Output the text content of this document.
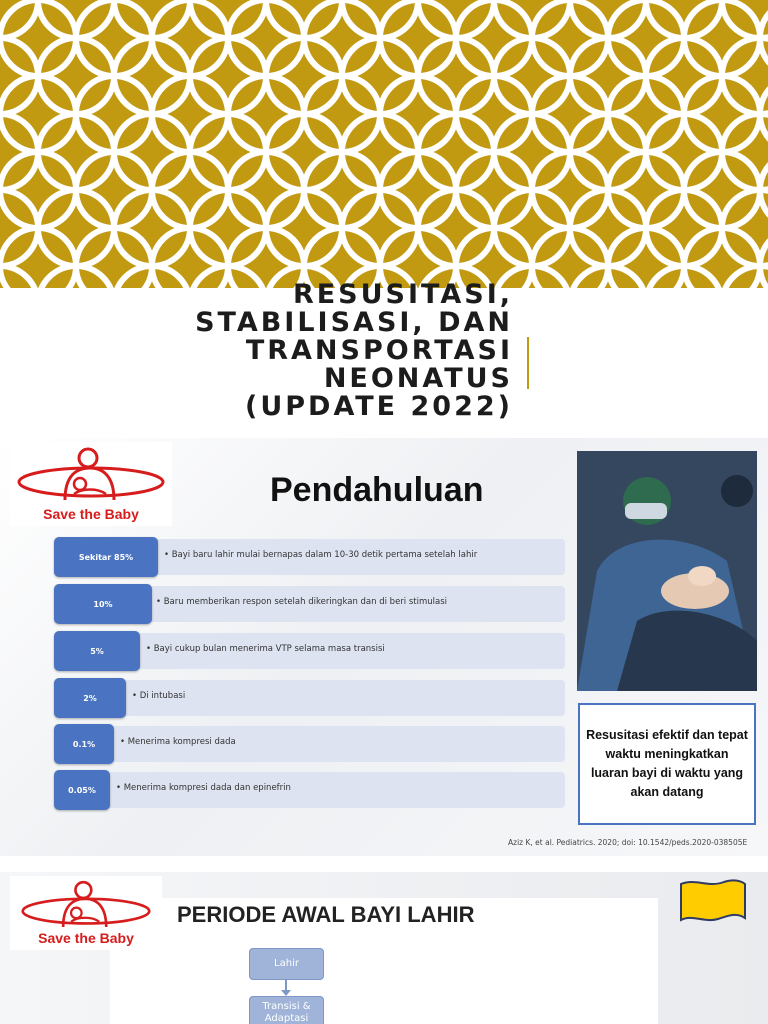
RESUSITASI,
STABILISASI, DAN
TRANSPORTASI
NEONATUS
(UPDATE 2022)
Save the Baby
Pendahuluan
Sekitar 85%	• Bayi baru lahir mulai bernapas dalam 10-30 detik pertama setelah lahir
10%	• Baru memberikan respon setelah dikeringkan dan di beri stimulasi
5%	• Bayi cukup bulan menerima VTP selama masa transisi
2%	• Di intubasi
0.1%	• Menerima kompresi dada
0.05%	• Menerima kompresi dada dan epinefrin
Resusitasi efektif dan tepat waktu meningkatkan luaran bayi di waktu yang akan datang
Aziz K, et al. Pediatrics. 2020; doi: 10.1542/peds.2020-038505E
Save the Baby
PERIODE AWAL BAYI LAHIR
Lahir
Transisi & Adaptasi
